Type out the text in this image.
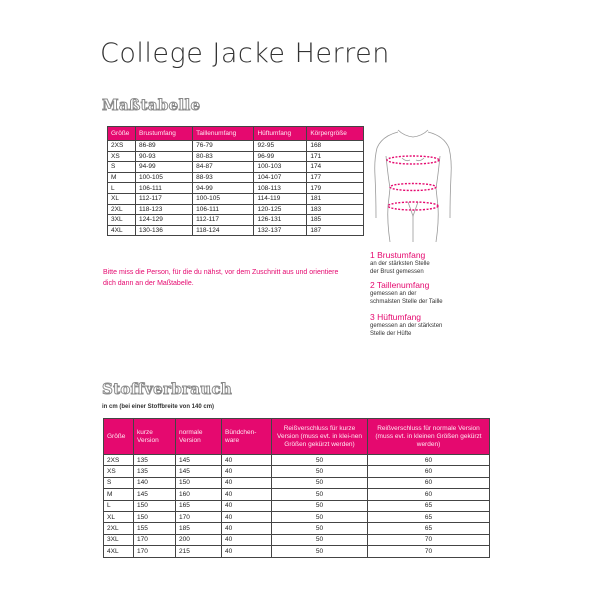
College Jacke Herren
Maßtabelle
Größe	Brustumfang	Taillenumfang	Hüftumfang	Körpergröße
2XS	86-89	76-79	92-95	168
XS	90-93	80-83	96-99	171
S	94-99	84-87	100-103	174
M	100-105	88-93	104-107	177
L	106-111	94-99	108-113	179
XL	112-117	100-105	114-119	181
2XL	118-123	106-111	120-125	183
3XL	124-129	112-117	126-131	185
4XL	130-136	118-124	132-137	187
Bitte miss die Person, für die du nähst, vor dem Zuschnitt aus und orientiere dich dann an der Maßtabelle.
1 Brustumfang
an der stärksten Stelle
der Brust gemessen
2 Taillenumfang
gemessen an der
schmalsten Stelle der Taille
3 Hüftumfang
gemessen an der stärksten
Stelle der Hüfte
Stoffverbrauch
in cm (bei einer Stoffbreite von 140 cm)
Größe	kurze Version	normale Version	Bündchen-ware	Reißverschluss für kurze Version (muss evt. in klei-nen Größen gekürzt werden)	Reißverschluss für normale Version (muss evt. in kleinen Größen gekürzt werden)
2XS	135	145	40	50	60
XS	135	145	40	50	60
S	140	150	40	50	60
M	145	160	40	50	60
L	150	165	40	50	65
XL	150	170	40	50	65
2XL	155	185	40	50	65
3XL	170	200	40	50	70
4XL	170	215	40	50	70
